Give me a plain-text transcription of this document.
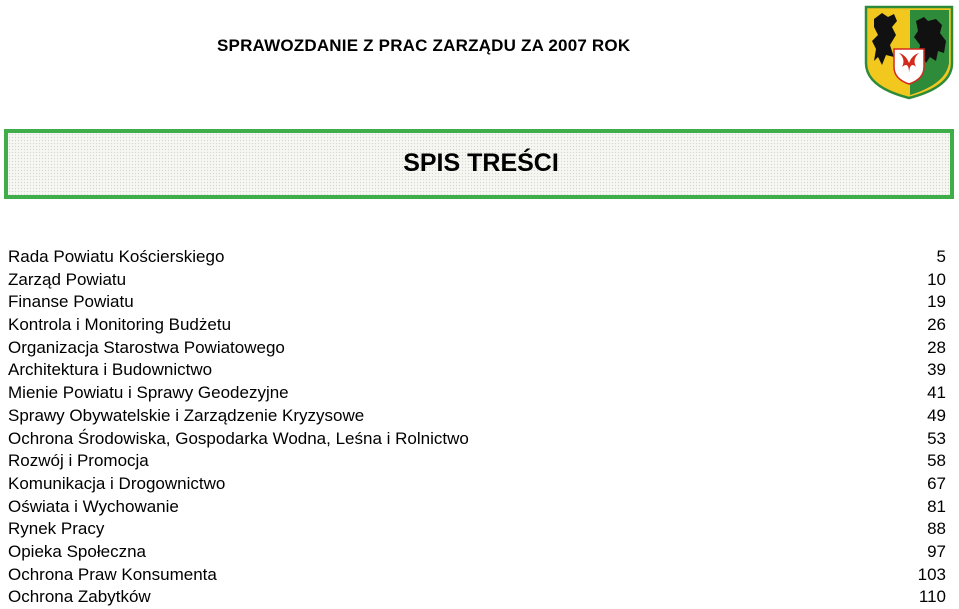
SPRAWOZDANIE Z PRAC ZARZĄDU ZA 2007 ROK
SPIS TREŚCI
Rada Powiatu Kościerskiego	5
Zarząd Powiatu	10
Finanse Powiatu	19
Kontrola i Monitoring Budżetu	26
Organizacja Starostwa Powiatowego	28
Architektura i Budownictwo	39
Mienie Powiatu i Sprawy Geodezyjne	41
Sprawy Obywatelskie i Zarządzenie Kryzysowe	49
Ochrona Środowiska, Gospodarka Wodna, Leśna i Rolnictwo	53
Rozwój i Promocja	58
Komunikacja i Drogownictwo	67
Oświata i Wychowanie	81
Rynek Pracy	88
Opieka Społeczna	97
Ochrona Praw Konsumenta	103
Ochrona Zabytków	110
